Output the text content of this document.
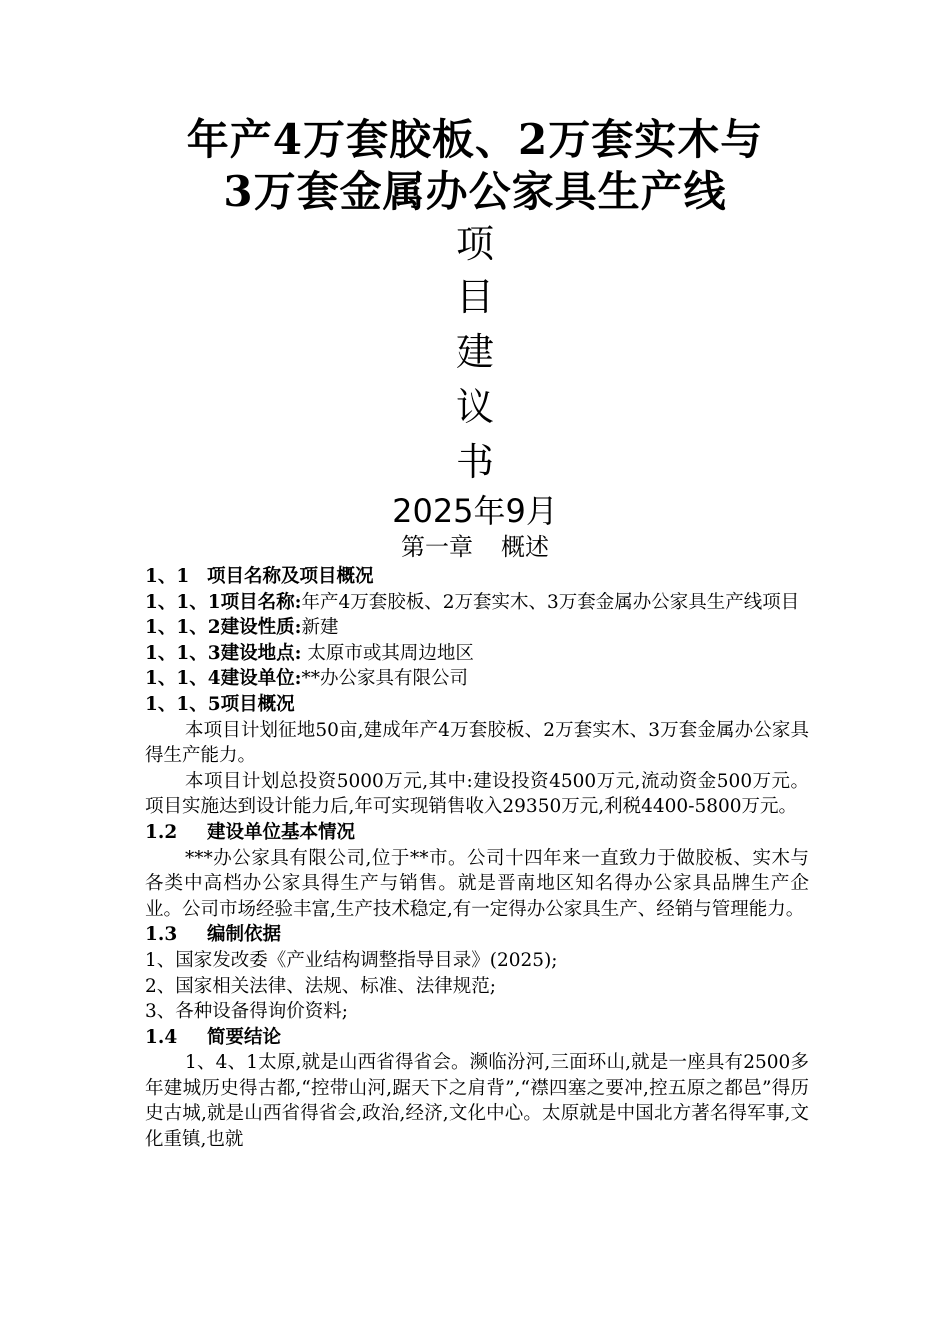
年产4万套胶板、2万套实木与
3万套金属办公家具生产线
项
目
建
议
书
2025年9月
第一章 概述

1、1 项目名称及项目概况

1、1、1项目名称:年产4万套胶板、2万套实木、3万套金属办公家具生产线项目

1、1、2建设性质:新建

1、1、3建设地点: 太原市或其周边地区

1、1、4建设单位:**办公家具有限公司

1、1、5项目概况

本项目计划征地50亩,建成年产4万套胶板、2万套实木、3万套金属办公家具得生产能力。

本项目计划总投资5000万元,其中:建设投资4500万元,流动资金500万元。项目实施达到设计能力后,年可实现销售收入29350万元,利税4400-5800万元。

1.2 建设单位基本情况

***办公家具有限公司,位于**市。公司十四年来一直致力于做胶板、实木与各类中高档办公家具得生产与销售。就是晋南地区知名得办公家具品牌生产企业。公司市场经验丰富,生产技术稳定,有一定得办公家具生产、经销与管理能力。

1.3 编制依据

1、国家发改委《产业结构调整指导目录》(2025);

2、国家相关法律、法规、标准、法律规范;

3、各种设备得询价资料;

1.4 简要结论

1、4、1太原,就是山西省得省会。濒临汾河,三面环山,就是一座具有2500多年建城历史得古都,“控带山河,踞天下之肩背”,“襟四塞之要冲,控五原之都邑”得历史古城,就是山西省得省会,政治,经济,文化中心。太原就是中国北方著名得军事,文化重镇,也就
